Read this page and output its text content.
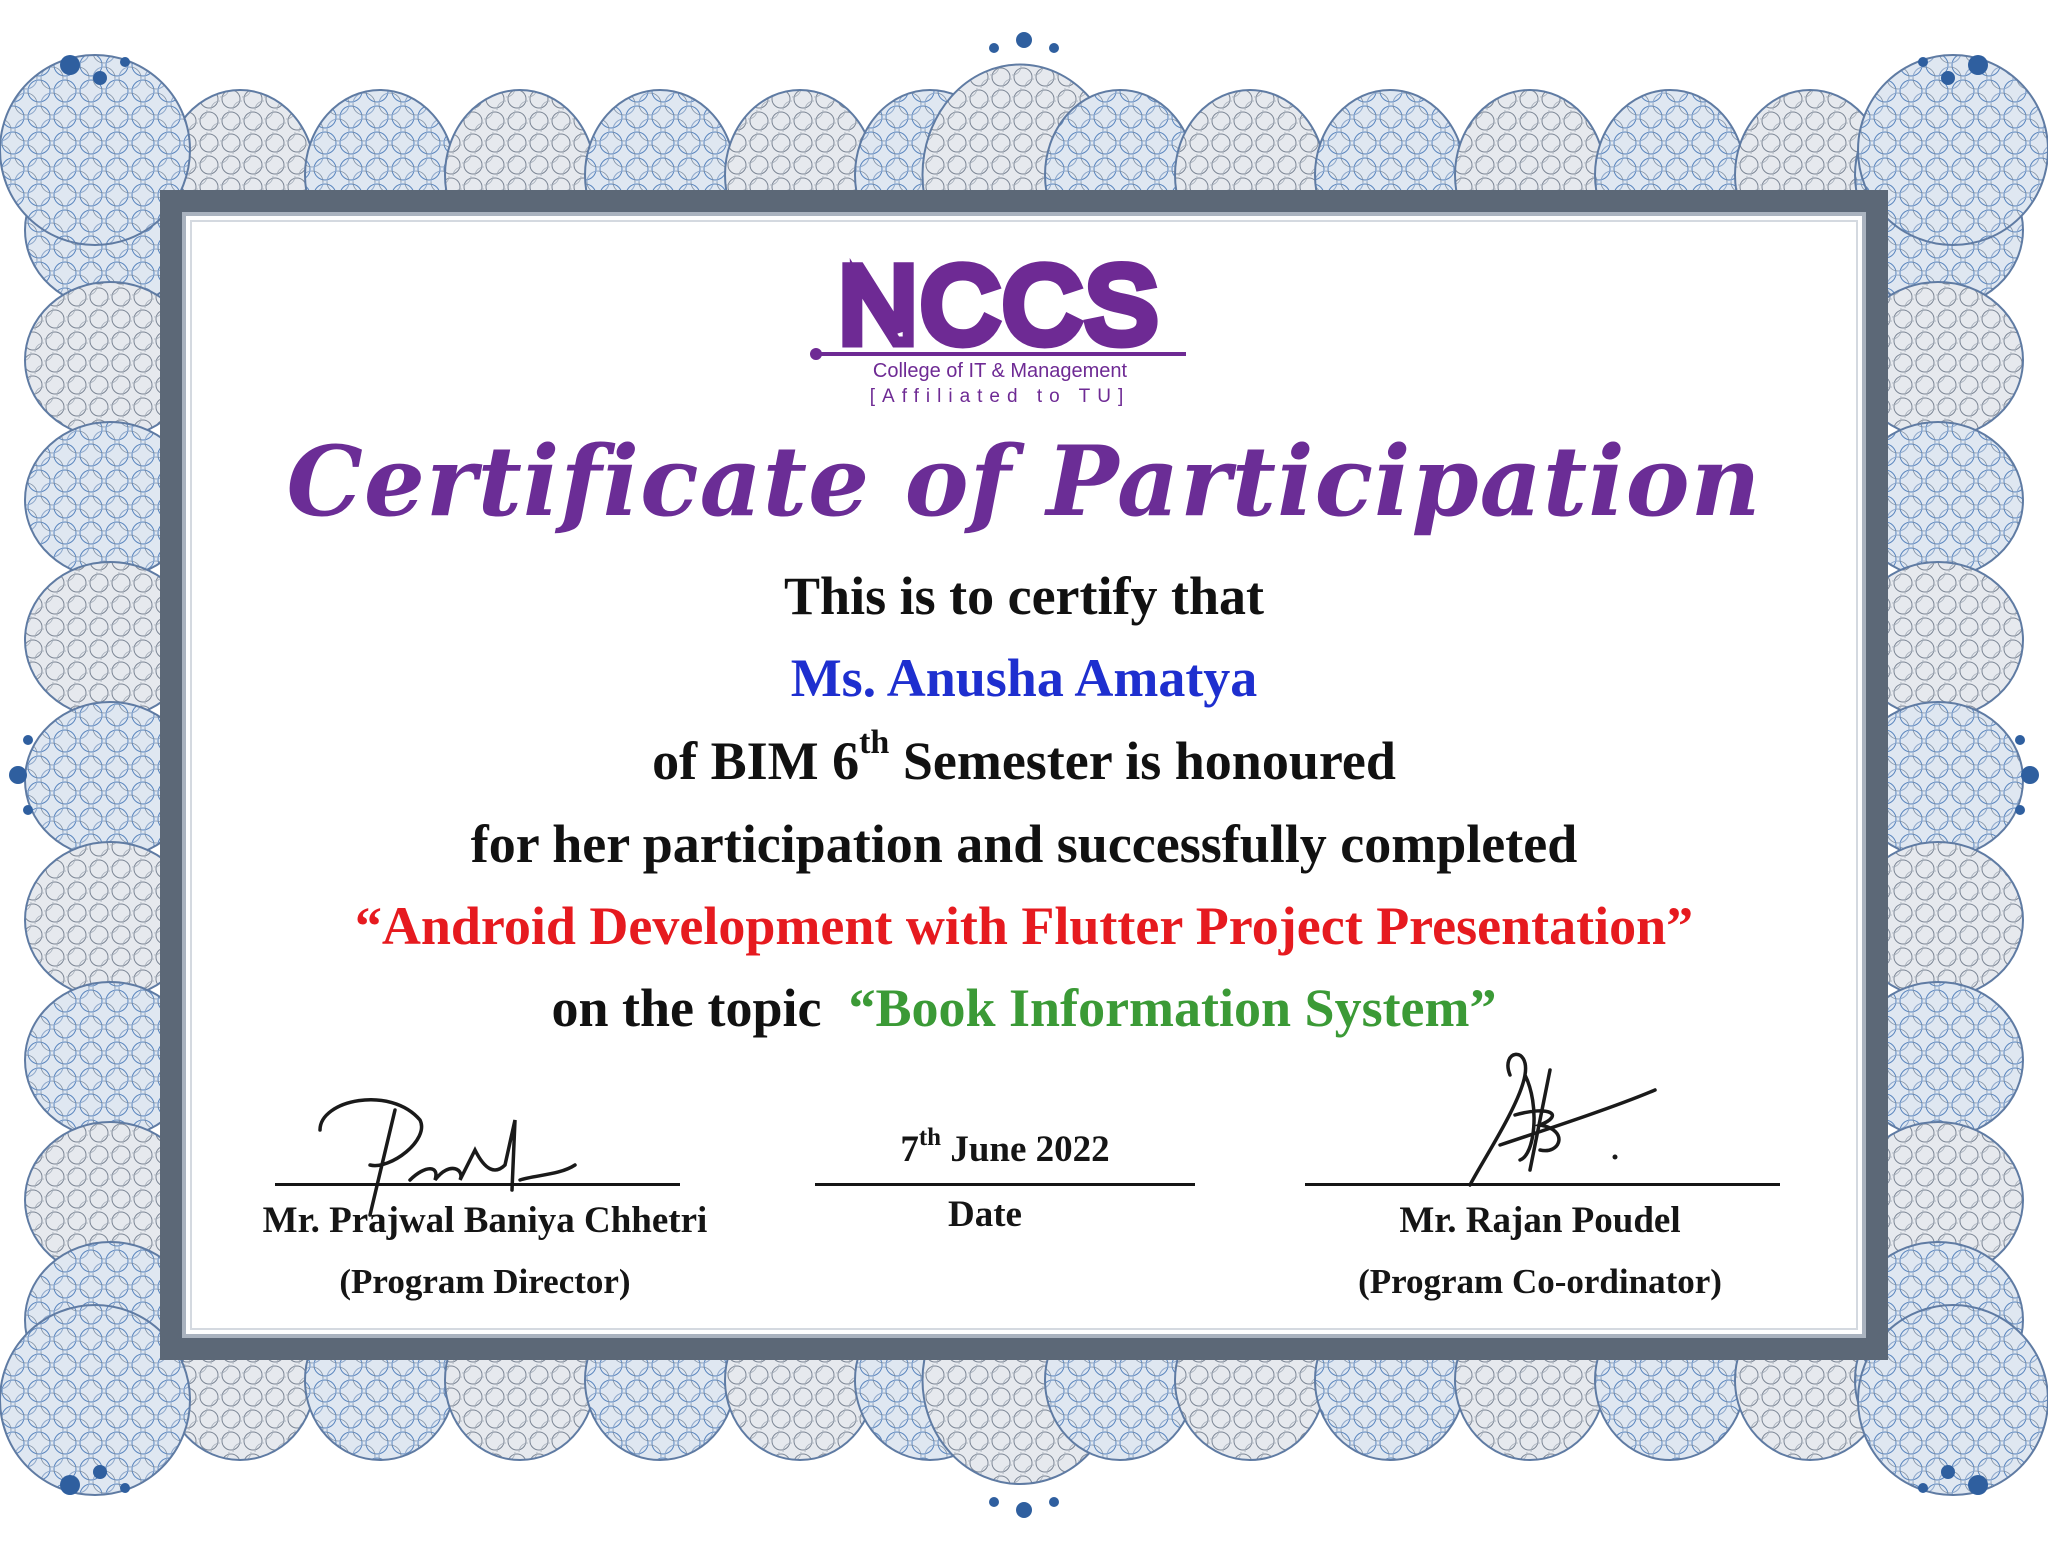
NCCS
College of IT & Management
[Affiliated to TU]
Certificate of Participation
This is to certify that
Ms. Anusha Amatya
of BIM 6th Semester is honoured
for her participation and successfully completed
“Android Development with Flutter Project Presentation”
on the topic  “Book Information System”
Prajwal
Mr. Prajwal Baniya Chhetri
(Program Director)
7th June 2022
Date	Mr. Rajan Poudel
(Program Co-ordinator)
